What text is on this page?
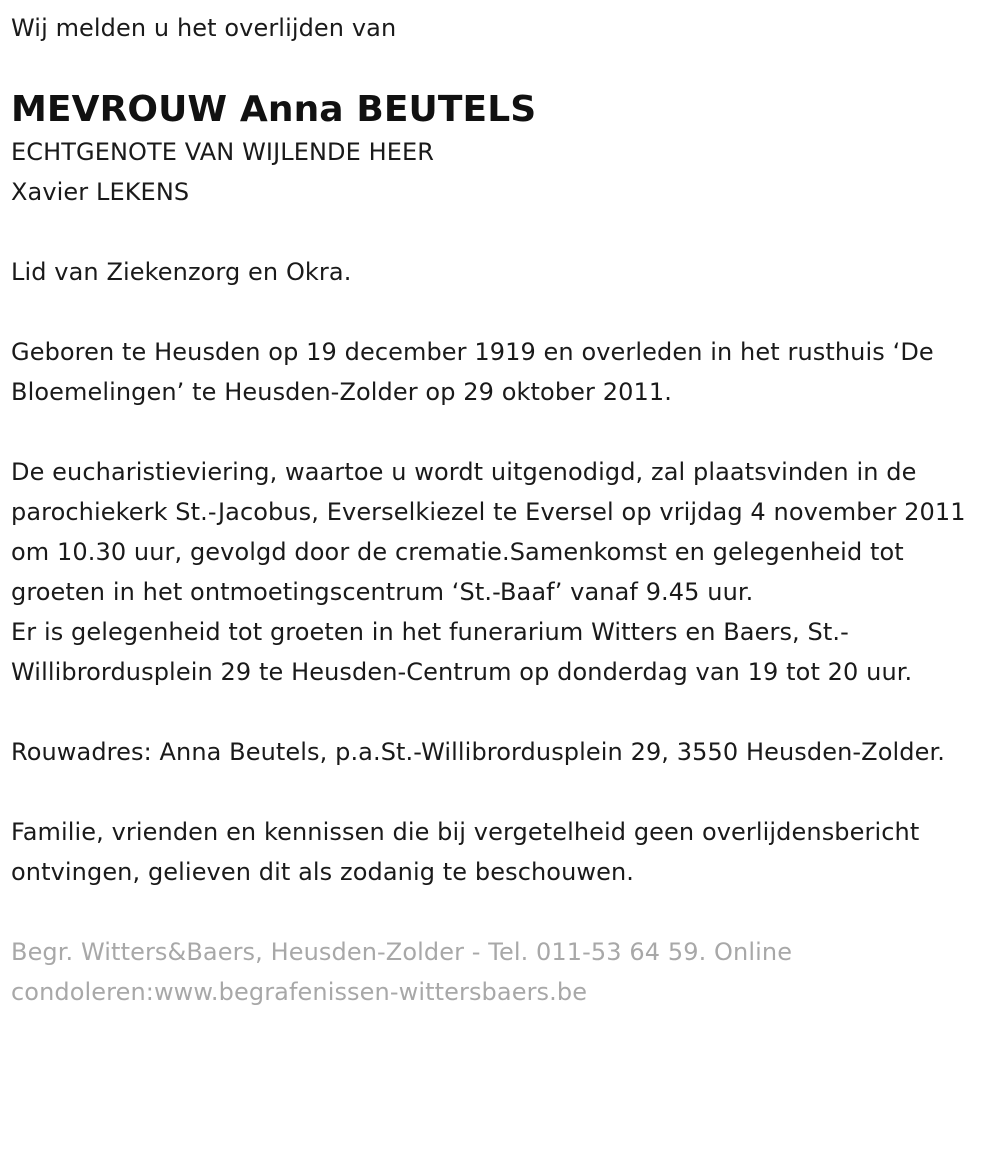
Wij melden u het overlijden van

MEVROUW Anna BEUTELS

ECHTGENOTE VAN WIJLENDE HEER

Xavier LEKENS

Lid van Ziekenzorg en Okra.

Geboren te Heusden op 19 december 1919 en overleden in het rusthuis ‘De Bloemelingen’ te Heusden-Zolder op 29 oktober 2011.

De eucharistieviering, waartoe u wordt uitgenodigd, zal plaatsvinden in de parochiekerk St.-Jacobus, Everselkiezel te Eversel op vrijdag 4 november 2011 om 10.30 uur, gevolgd door de crematie.Samenkomst en gelegenheid tot groeten in het ontmoetingscentrum ‘St.-Baaf’ vanaf 9.45 uur.

Er is gelegenheid tot groeten in het funerarium Witters en Baers, St.-Willibrordusplein 29 te Heusden-Centrum op donderdag van 19 tot 20 uur.

Rouwadres: Anna Beutels, p.a.St.-Willibrordusplein 29, 3550 Heusden-Zolder.

Familie, vrienden en kennissen die bij vergetelheid geen overlijdensbericht ontvingen, gelieven dit als zodanig te beschouwen.

Begr. Witters&Baers, Heusden-Zolder - Tel. 011-53 64 59. Online condoleren:www.begrafenissen-wittersbaers.be
